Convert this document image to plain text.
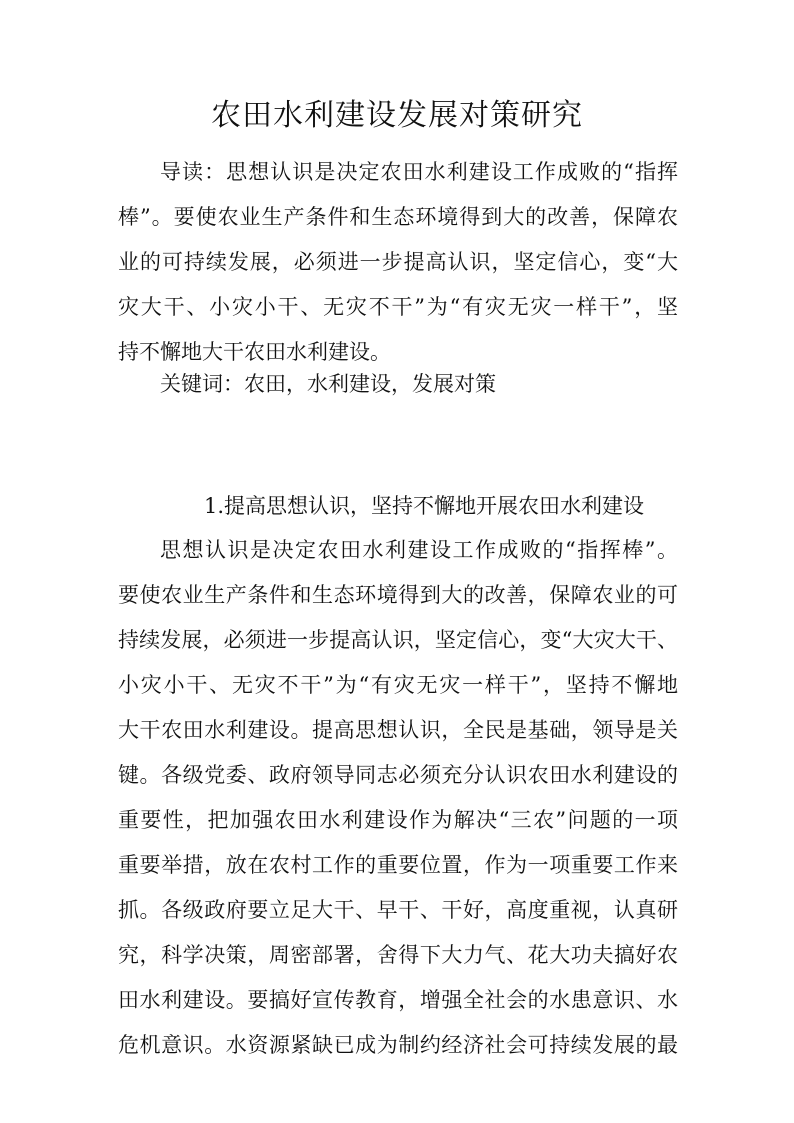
农田水利建设发展对策研究
导读：思想认识是决定农田水利建设工作成败的“指挥
棒”。要使农业生产条件和生态环境得到大的改善，保障农
业的可持续发展，必须进一步提高认识，坚定信心，变“大
灾大干、小灾小干、无灾不干”为“有灾无灾一样干”，坚
持不懈地大干农田水利建设。
关键词：农田，水利建设，发展对策

1.提高思想认识，坚持不懈地开展农田水利建设

思想认识是决定农田水利建设工作成败的“指挥棒”。
要使农业生产条件和生态环境得到大的改善，保障农业的可
持续发展，必须进一步提高认识，坚定信心，变“大灾大干、
小灾小干、无灾不干”为“有灾无灾一样干”，坚持不懈地
大干农田水利建设。提高思想认识，全民是基础，领导是关
键。各级党委、政府领导同志必须充分认识农田水利建设的
重要性，把加强农田水利建设作为解决“三农”问题的一项
重要举措，放在农村工作的重要位置，作为一项重要工作来
抓。各级政府要立足大干、早干、干好，高度重视，认真研
究，科学决策，周密部署，舍得下大力气、花大功夫搞好农
田水利建设。要搞好宣传教育，增强全社会的水患意识、水
危机意识。水资源紧缺已成为制约经济社会可持续发展的最
